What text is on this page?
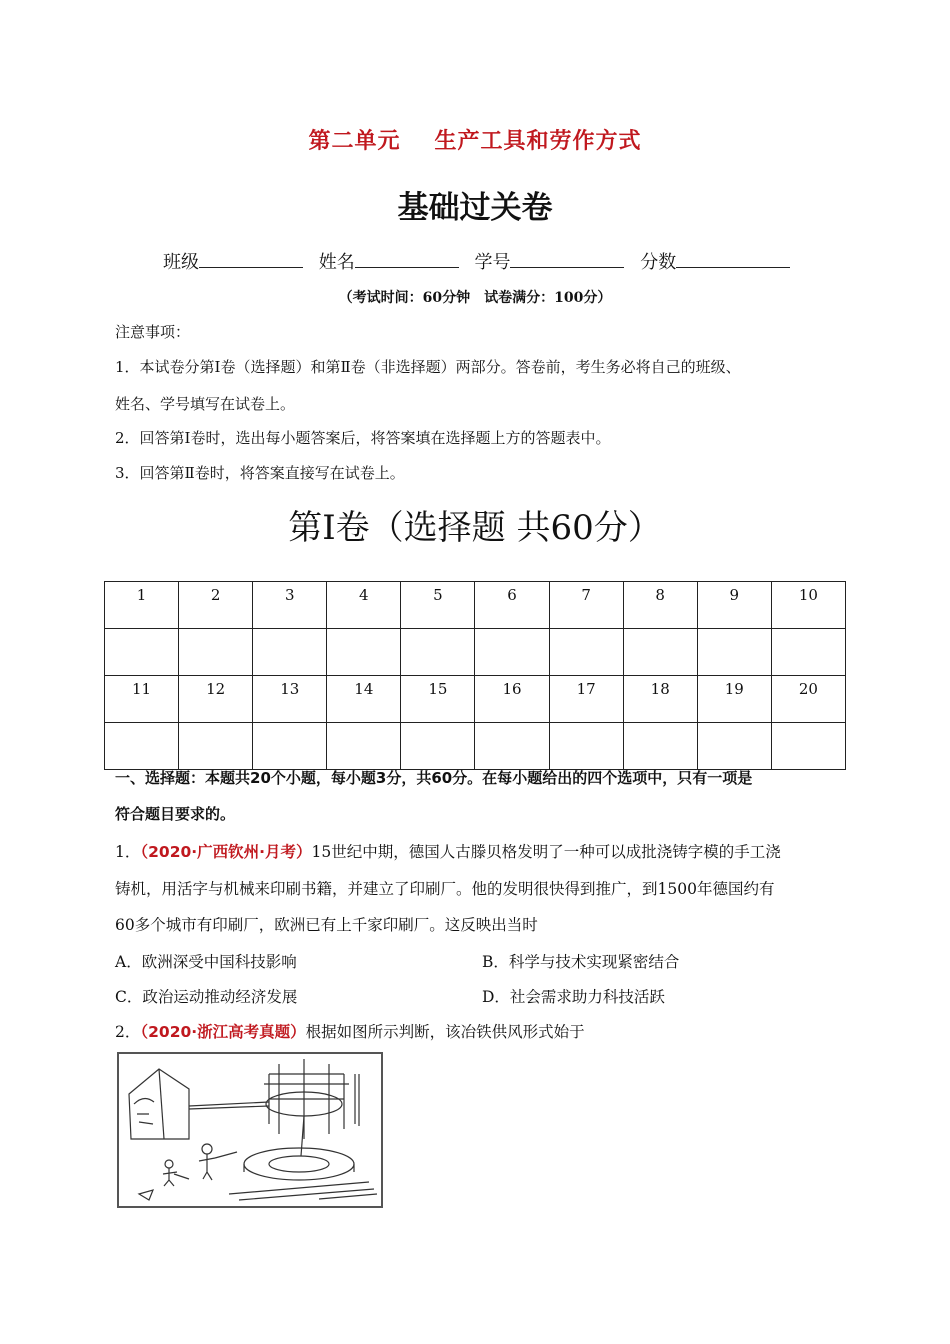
第二单元 生产工具和劳作方式
基础过关卷
班级	姓名	学号	分数
（考试时间：60分钟　试卷满分：100分）

注意事项：

1．本试卷分第Ⅰ卷（选择题）和第Ⅱ卷（非选择题）两部分。答卷前，考生务必将自己的班级、

姓名、学号填写在试卷上。

2．回答第Ⅰ卷时，选出每小题答案后，将答案填在选择题上方的答题表中。

3．回答第Ⅱ卷时，将答案直接写在试卷上。

第Ⅰ卷（选择题 共60分）
1	2	3	4	5	6	7	8	9	10

11	12	13	14	15	16	17	18	19	20

一、选择题：本题共20个小题，每小题3分，共60分。在每小题给出的四个选项中，只有一项是
符合题目要求的。
1．（2020·广西钦州·月考）15世纪中期，德国人古滕贝格发明了一种可以成批浇铸字模的手工浇
铸机，用活字与机械来印刷书籍，并建立了印刷厂。他的发明很快得到推广，到1500年德国约有
60多个城市有印刷厂，欧洲已有上千家印刷厂。这反映出当时
A．欧洲深受中国科技影响	B．科学与技术实现紧密结合
C．政治运动推动经济发展	D．社会需求助力科技活跃
2．（2020·浙江高考真题）根据如图所示判断，该冶铁供风形式始于
